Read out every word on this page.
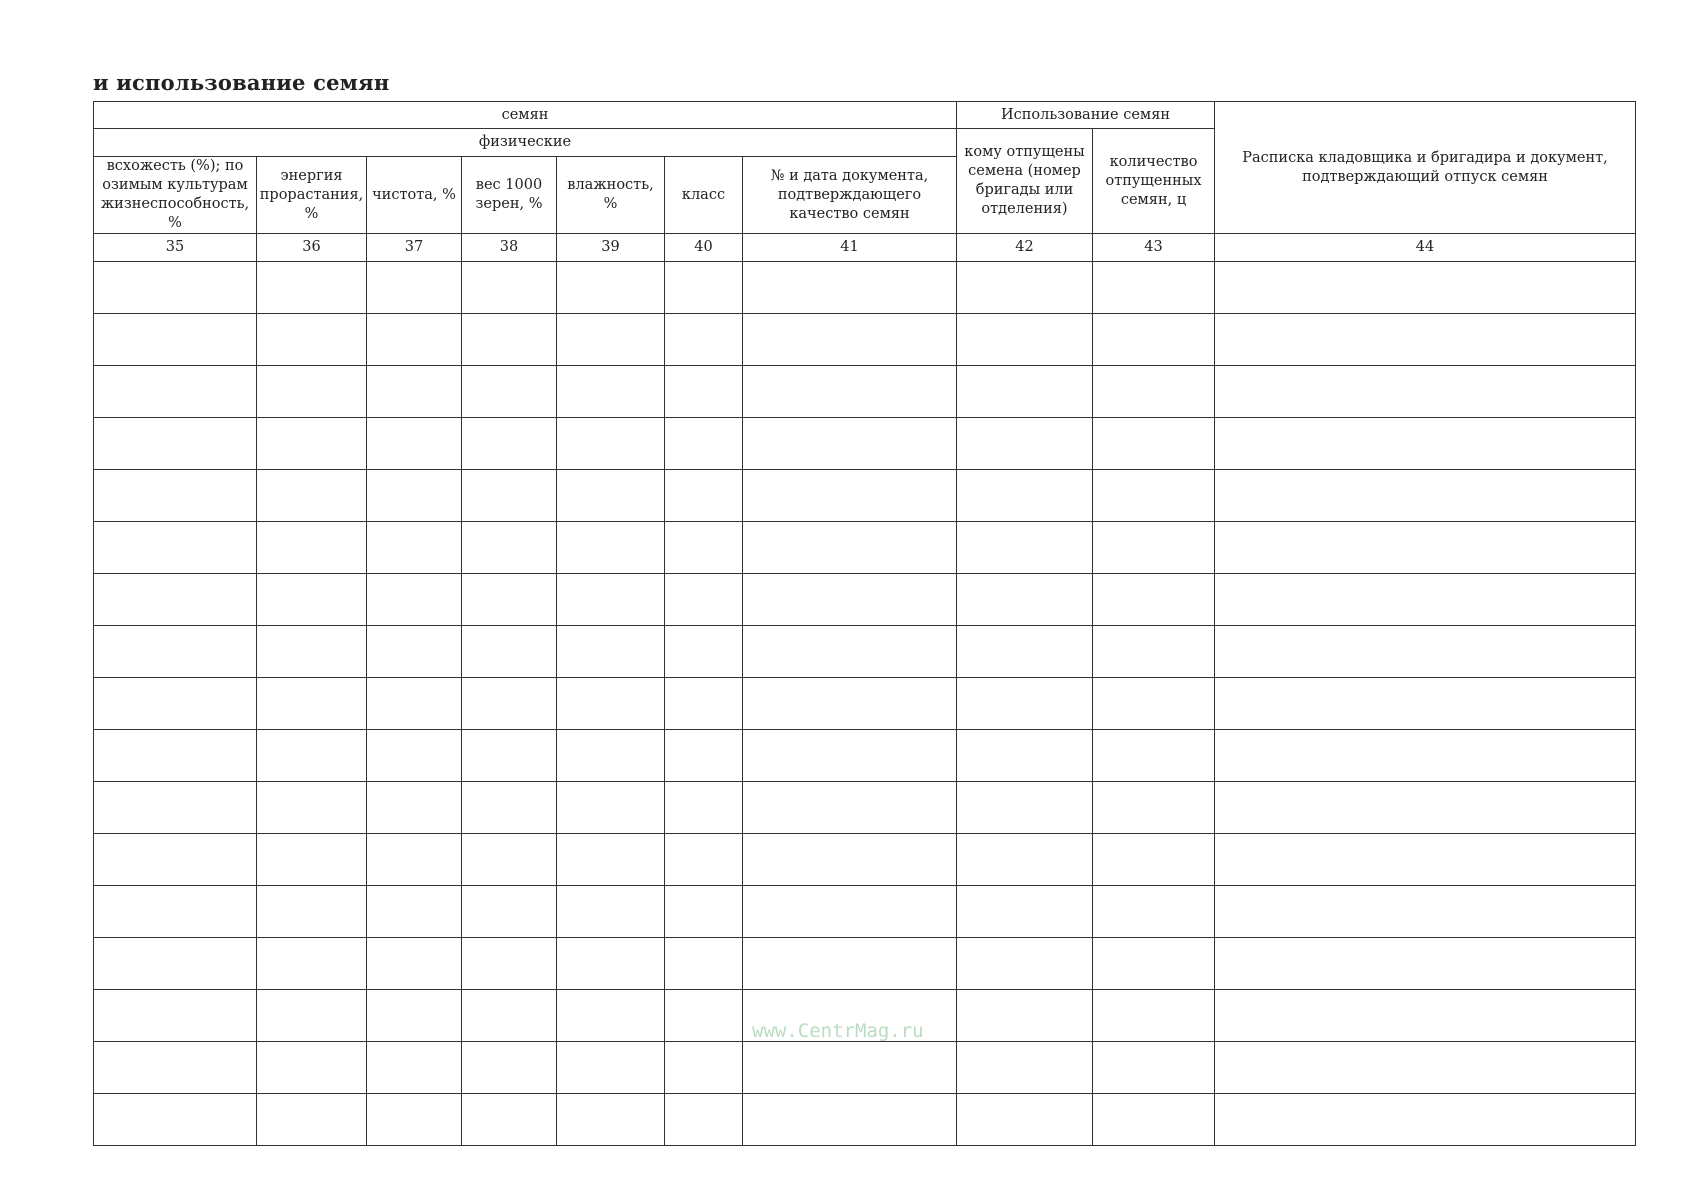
и использование семян
семян							Использование семян		Расписка кладовщика и бригадира и документ, подтверждающий отпуск семян
физические							кому отпущены семена (номер бригады или отделения)	количество отпущенных семян, ц	
всхожесть (%); по озимым культурам жизнеспособность, %	энергия прорастания, %	чистота, %	вес 1000 зерен, %	влажность, %	класс	№ и дата документа, подтверждающего качество семян			
35	36	37	38	39	40	41	42	43	44

www.CentrMag.ru
